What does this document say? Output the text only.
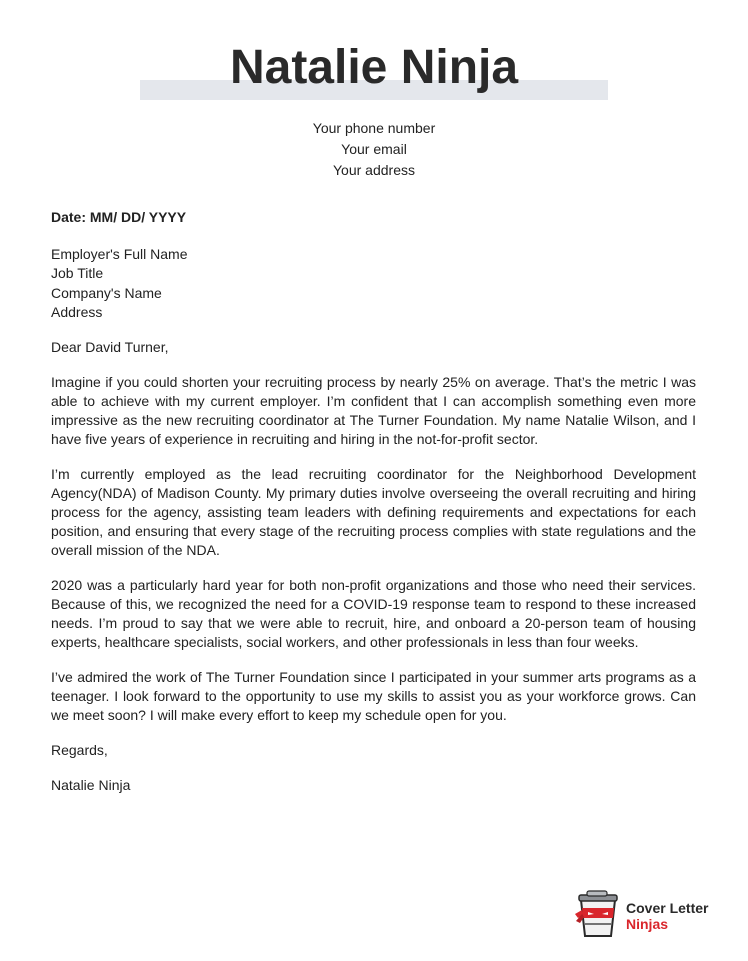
Natalie Ninja
Your phone number
Your email
Your address

Date: MM/ DD/ YYYY

Employer's Full Name
Job Title
Company's Name
Address
Dear David Turner,

Imagine if you could shorten your recruiting process by nearly 25% on average. That’s the metric I was able to achieve with my current employer. I’m confident that I can accomplish something even more impressive as the new recruiting coordinator at The Turner Foundation. My name Natalie Wilson, and I have five years of experience in recruiting and hiring in the not-for-profit sector.

I’m currently employed as the lead recruiting coordinator for the Neighborhood Development Agency(NDA) of Madison County. My primary duties involve overseeing the overall recruiting and hiring process for the agency, assisting team leaders with defining requirements and expectations for each position, and ensuring that every stage of the recruiting process complies with state regulations and the overall mission of the NDA.

2020 was a particularly hard year for both non-profit organizations and those who need their services. Because of this, we recognized the need for a COVID-19 response team to respond to these increased needs. I’m proud to say that we were able to recruit, hire, and onboard a 20-person team of housing experts, healthcare specialists, social workers, and other professionals in less than four weeks.

I’ve admired the work of The Turner Foundation since I participated in your summer arts programs as a teenager. I look forward to the opportunity to use my skills to assist you as your workforce grows. Can we meet soon? I will make every effort to keep my schedule open for you.

Regards,
Natalie Ninja
Cover Letter
Ninjas
